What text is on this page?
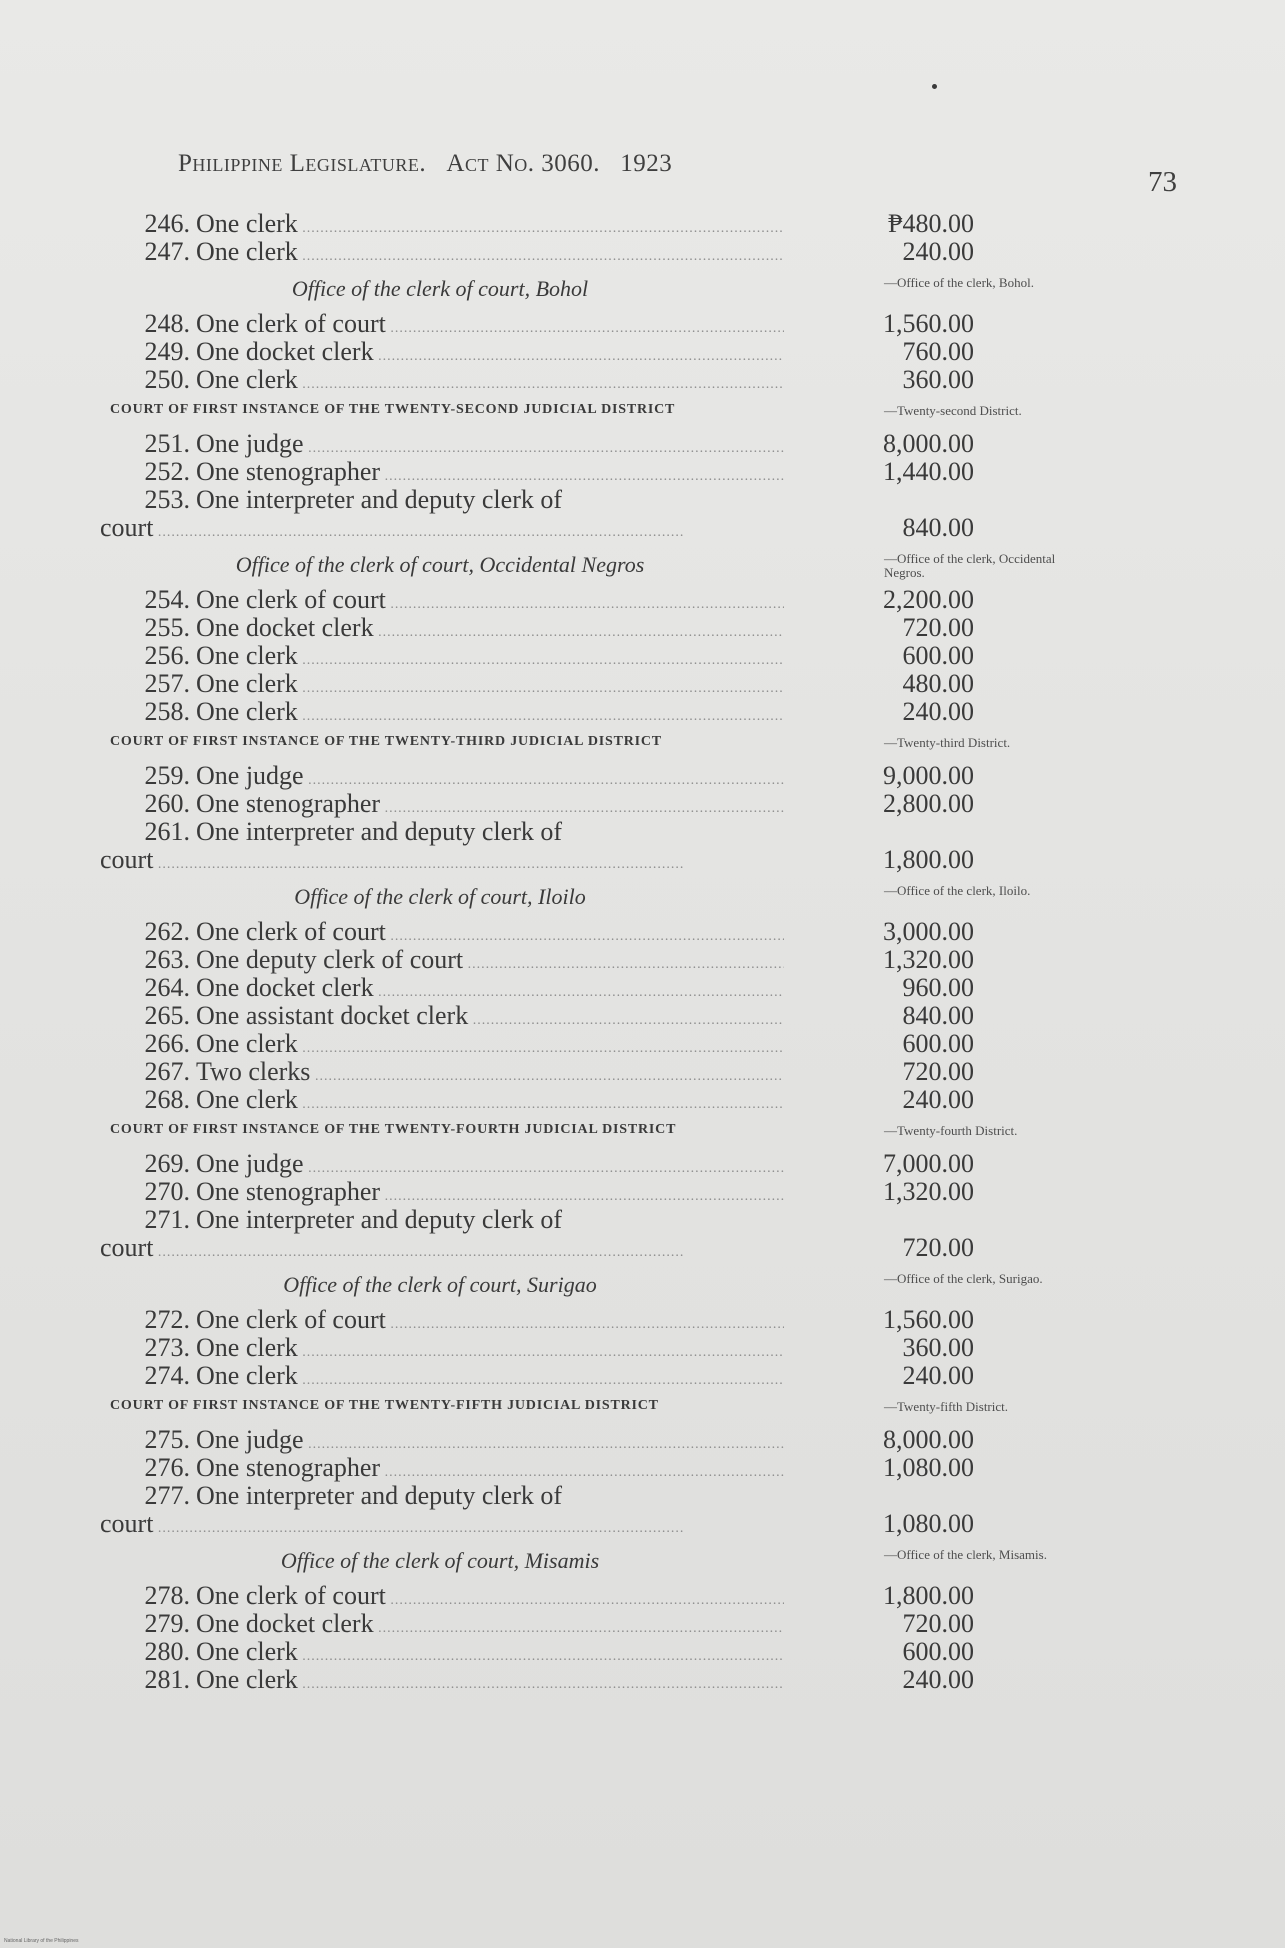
Philippine Legislature. Act No. 3060. 1923
73
246. One clerk .....	₱480.00
247. One clerk .....	240.00
Office of the clerk of court, Bohol	—Office of the clerk, Bohol.
248. One clerk of court .....	1,560.00
249. One docket clerk .....	760.00
250. One clerk .....	360.00
COURT OF FIRST INSTANCE OF THE TWENTY-SECOND JUDICIAL DISTRICT	—Twenty-second District.
251. One judge .....	8,000.00
252. One stenographer .....	1,440.00
253. One interpreter and deputy clerk of
court .....	840.00
Office of the clerk of court, Occidental Negros	—Office of the clerk, Occidental Negros.
254. One clerk of court .....	2,200.00
255. One docket clerk .....	720.00
256. One clerk .....	600.00
257. One clerk .....	480.00
258. One clerk .....	240.00
COURT OF FIRST INSTANCE OF THE TWENTY-THIRD JUDICIAL DISTRICT	—Twenty-third District.
259. One judge .....	9,000.00
260. One stenographer .....	2,800.00
261. One interpreter and deputy clerk of
court .....	1,800.00
Office of the clerk of court, Iloilo	—Office of the clerk, Iloilo.
262. One clerk of court .....	3,000.00
263. One deputy clerk of court .....	1,320.00
264. One docket clerk .....	960.00
265. One assistant docket clerk .....	840.00
266. One clerk .....	600.00
267. Two clerks .....	720.00
268. One clerk .....	240.00
COURT OF FIRST INSTANCE OF THE TWENTY-FOURTH JUDICIAL DISTRICT	—Twenty-fourth District.
269. One judge .....	7,000.00
270. One stenographer .....	1,320.00
271. One interpreter and deputy clerk of
court .....	720.00
Office of the clerk of court, Surigao	—Office of the clerk, Surigao.
272. One clerk of court .....	1,560.00
273. One clerk .....	360.00
274. One clerk .....	240.00
COURT OF FIRST INSTANCE OF THE TWENTY-FIFTH JUDICIAL DISTRICT	—Twenty-fifth District.
275. One judge .....	8,000.00
276. One stenographer .....	1,080.00
277. One interpreter and deputy clerk of
court .....	1,080.00
Office of the clerk of court, Misamis	—Office of the clerk, Misamis.
278. One clerk of court .....	1,800.00
279. One docket clerk .....	720.00
280. One clerk .....	600.00
281. One clerk .....	240.00
National Library of the Philippines
